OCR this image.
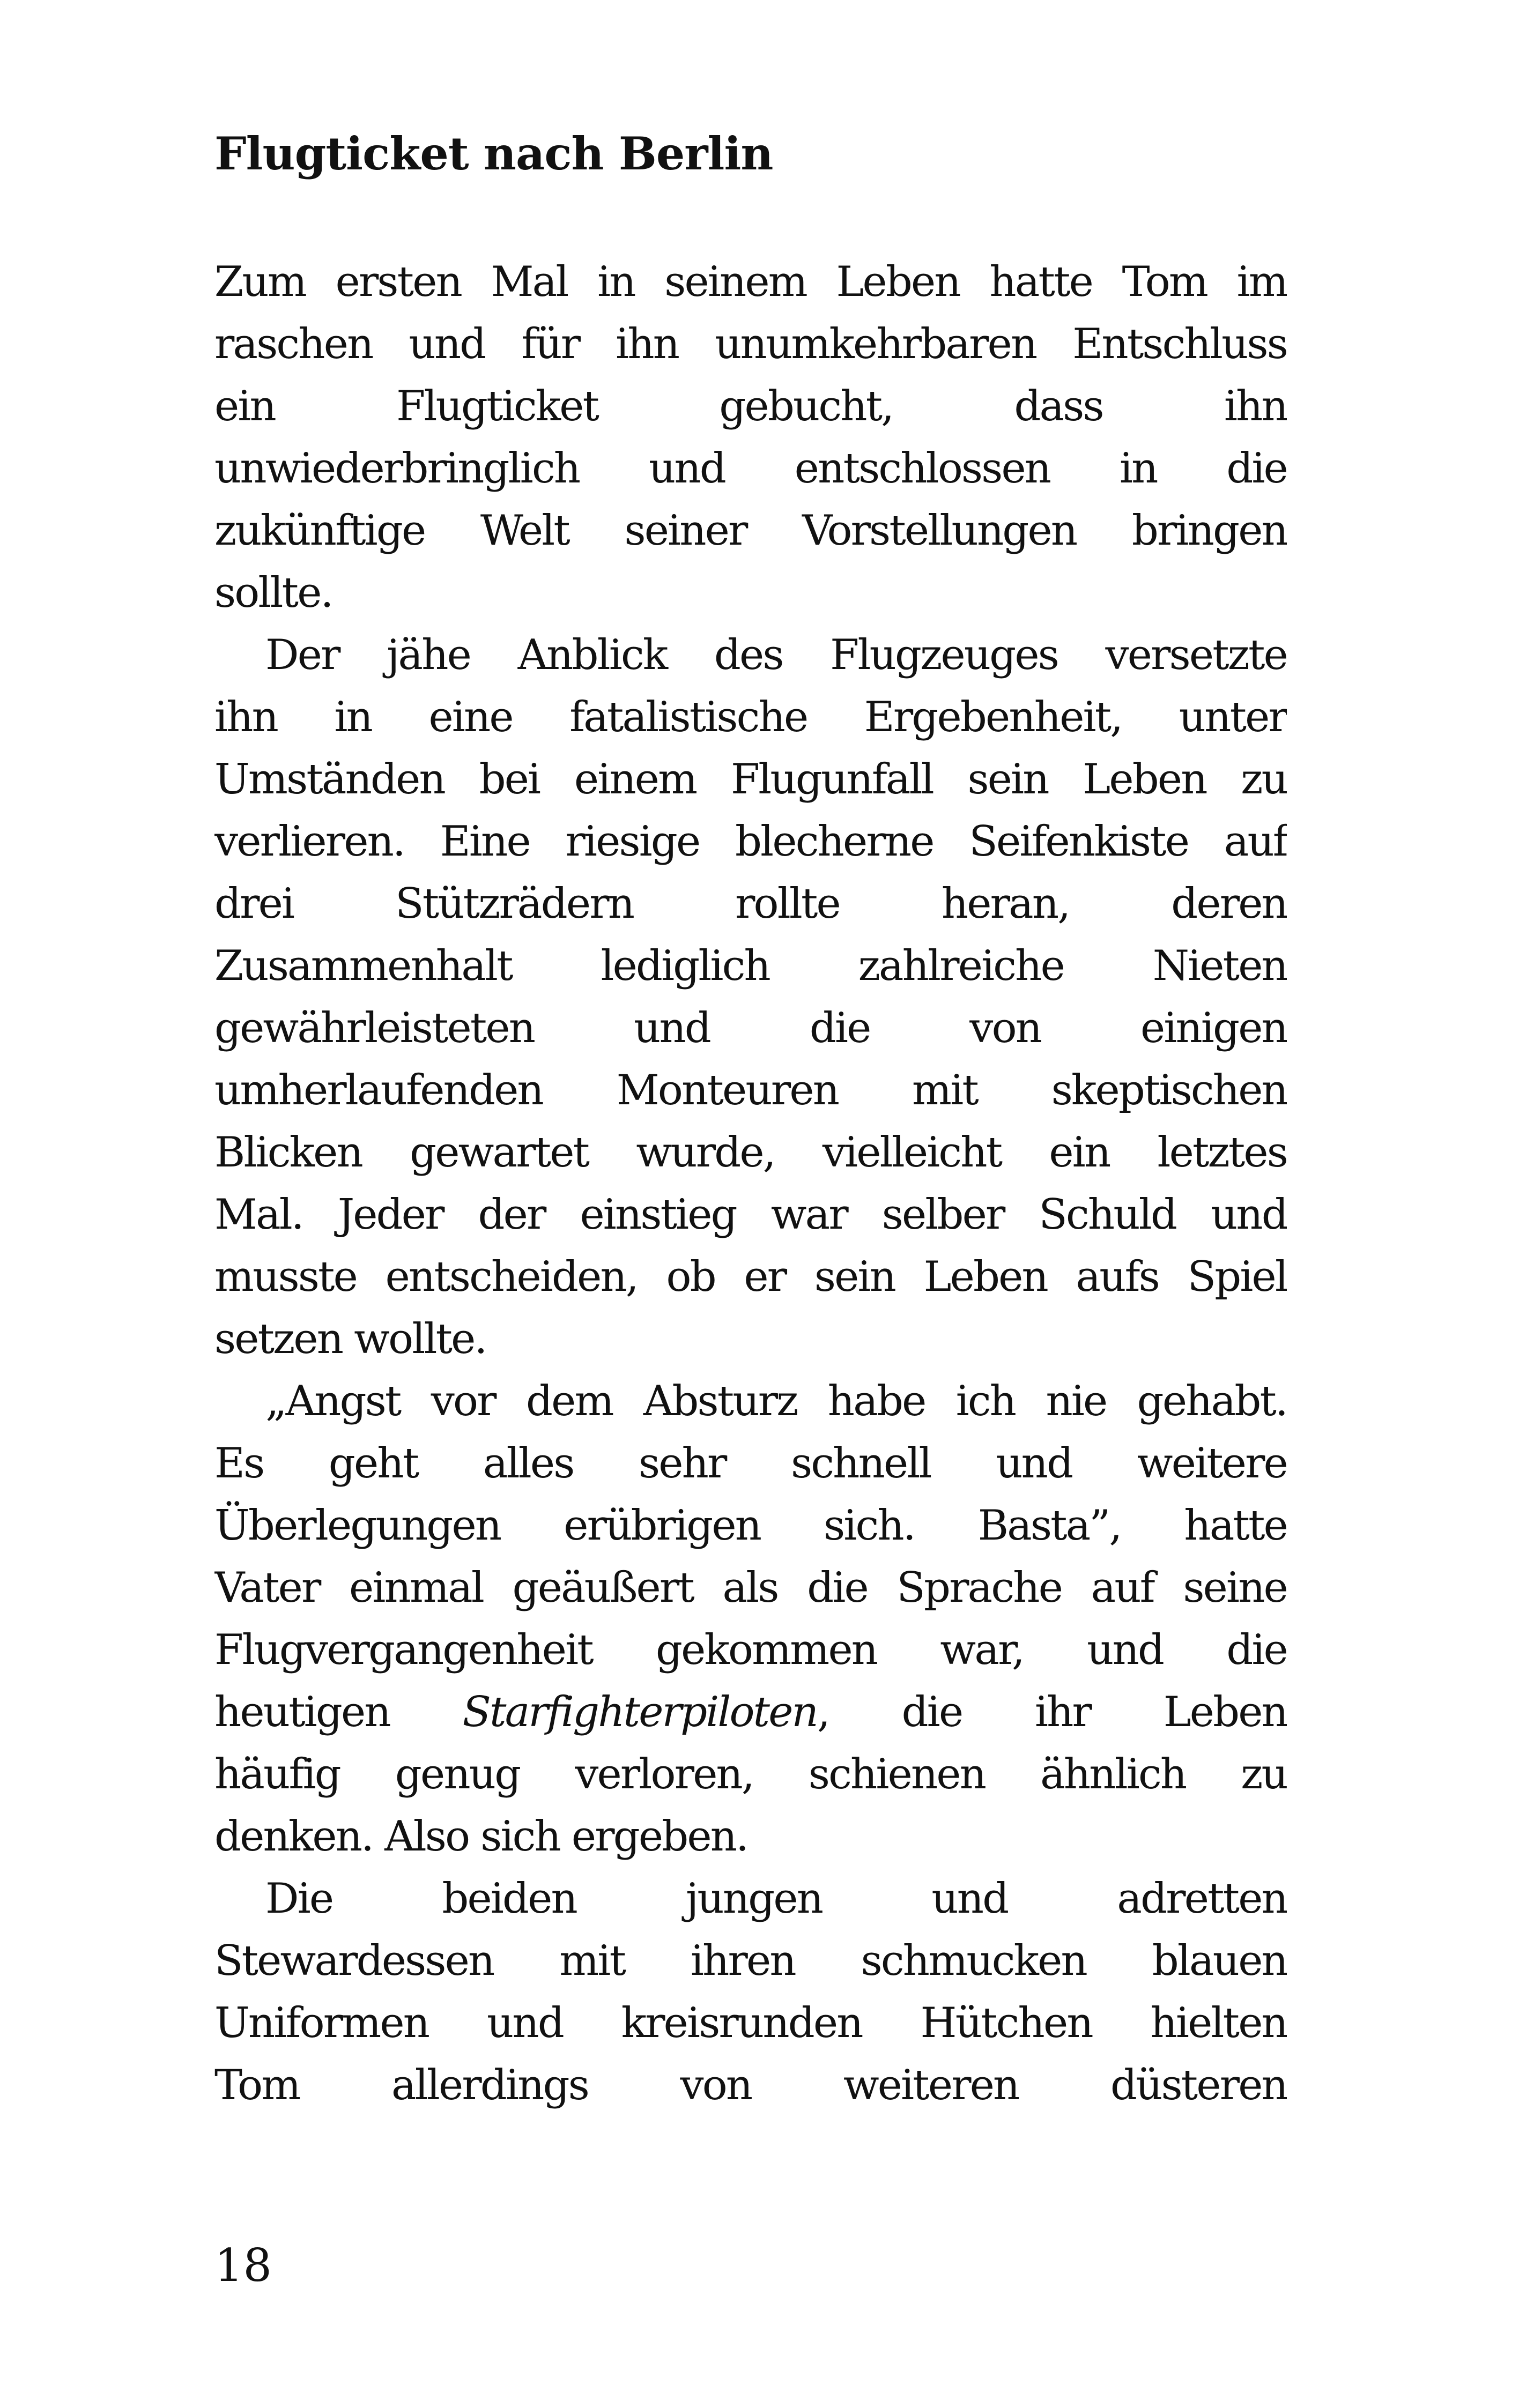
Flugticket nach Berlin
Zum ersten Mal in seinem Leben hatte Tom im
raschen und für ihn unumkehrbaren Entschluss
ein Flugticket gebucht, dass ihn
unwiederbringlich und entschlossen in die
zukünftige Welt seiner Vorstellungen bringen
sollte.
Der jähe Anblick des Flugzeuges versetzte
ihn in eine fatalistische Ergebenheit, unter
Umständen bei einem Flugunfall sein Leben zu
verlieren. Eine riesige blecherne Seifenkiste auf
drei Stützrädern rollte heran, deren
Zusammenhalt lediglich zahlreiche Nieten
gewährleisteten und die von einigen
umherlaufenden Monteuren mit skeptischen
Blicken gewartet wurde, vielleicht ein letztes
Mal. Jeder der einstieg war selber Schuld und
musste entscheiden, ob er sein Leben aufs Spiel
setzen wollte.
„Angst vor dem Absturz habe ich nie gehabt.
Es geht alles sehr schnell und weitere
Überlegungen erübrigen sich. Basta”, hatte
Vater einmal geäußert als die Sprache auf seine
Flugvergangenheit gekommen war, und die
heutigen Starfighterpiloten, die ihr Leben
häufig genug verloren, schienen ähnlich zu
denken. Also sich ergeben.
Die beiden jungen und adretten
Stewardessen mit ihren schmucken blauen
Uniformen und kreisrunden Hütchen hielten
Tom allerdings von weiteren düsteren
18
